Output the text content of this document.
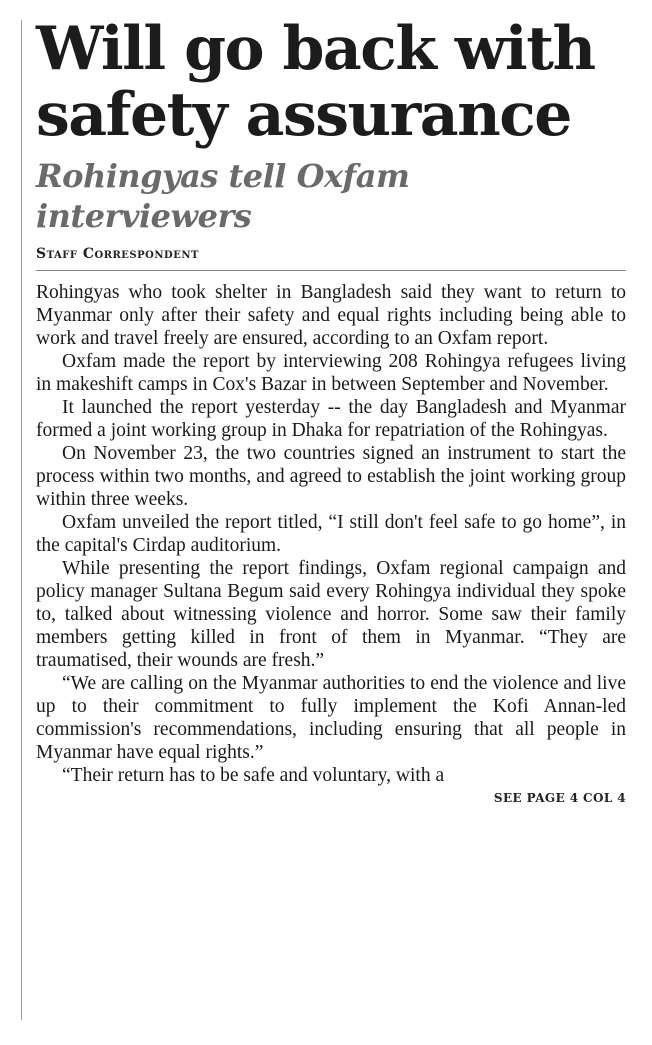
Will go back with safety assurance
Rohingyas tell Oxfam interviewers
Staff Correspondent

Rohingyas who took shelter in Bangladesh said they want to return to Myanmar only after their safety and equal rights including being able to work and travel freely are ensured, according to an Oxfam report.

Oxfam made the report by interviewing 208 Rohingya refugees living in makeshift camps in Cox's Bazar in between September and November.

It launched the report yesterday -- the day Bangladesh and Myanmar formed a joint working group in Dhaka for repatriation of the Rohingyas.

On November 23, the two countries signed an instrument to start the process within two months, and agreed to establish the joint working group within three weeks.

Oxfam unveiled the report titled, “I still don't feel safe to go home”, in the capital's Cirdap auditorium.

While presenting the report findings, Oxfam regional campaign and policy manager Sultana Begum said every Rohingya individual they spoke to, talked about witnessing violence and horror. Some saw their family members getting killed in front of them in Myanmar. “They are traumatised, their wounds are fresh.”

“We are calling on the Myanmar authorities to end the violence and live up to their commitment to fully implement the Kofi Annan-led commission's recommendations, including ensuring that all people in Myanmar have equal rights.”

“Their return has to be safe and voluntary, with a

SEE PAGE 4 COL 4
